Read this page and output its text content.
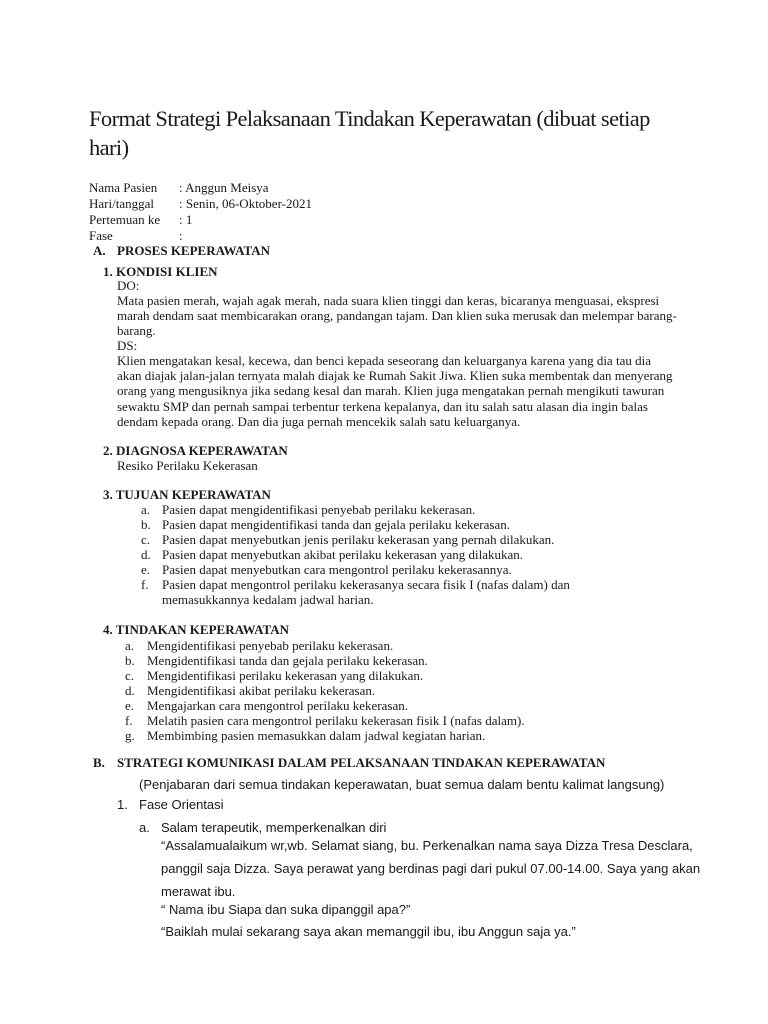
Format Strategi Pelaksanaan Tindakan Keperawatan (dibuat setiap hari)
Nama Pasien : Anggun Meisya
Hari/tanggal : Senin, 06-Oktober-2021
Pertemuan ke : 1
Fase	:
A. PROSES KEPERAWATAN
1. KONDISI KLIEN
DO:
Mata pasien merah, wajah agak merah, nada suara klien tinggi dan keras, bicaranya menguasai, ekspresi marah dendam saat membicarakan orang, pandangan tajam. Dan klien suka merusak dan melempar barang-barang.
DS:
Klien mengatakan kesal, kecewa, dan benci kepada seseorang dan keluarganya karena yang dia tau dia akan diajak jalan-jalan ternyata malah diajak ke Rumah Sakit Jiwa. Klien suka membentak dan menyerang orang yang mengusiknya jika sedang kesal dan marah. Klien juga mengatakan pernah mengikuti tawuran sewaktu SMP dan pernah sampai terbentur terkena kepalanya, dan itu salah satu alasan dia ingin balas dendam kepada orang. Dan dia juga pernah mencekik salah satu keluarganya.
2. DIAGNOSA KEPERAWATAN
Resiko Perilaku Kekerasan
3. TUJUAN KEPERAWATAN
a. Pasien dapat mengidentifikasi penyebab perilaku kekerasan.
b. Pasien dapat mengidentifikasi tanda dan gejala perilaku kekerasan.
c. Pasien dapat menyebutkan jenis perilaku kekerasan yang pernah dilakukan.
d. Pasien dapat menyebutkan akibat perilaku kekerasan yang dilakukan.
e. Pasien dapat menyebutkan cara mengontrol perilaku kekerasannya.
f. Pasien dapat mengontrol perilaku kekerasanya secara fisik I (nafas dalam) dan
memasukkannya kedalam jadwal harian.
4. TINDAKAN KEPERAWATAN
a. Mengidentifikasi penyebab perilaku kekerasan.
b. Mengidentifikasi tanda dan gejala perilaku kekerasan.
c. Mengidentifikasi perilaku kekerasan yang dilakukan.
d. Mengidentifikasi akibat perilaku kekerasan.
e. Mengajarkan cara mengontrol perilaku kekerasan.
f. Melatih pasien cara mengontrol perilaku kekerasan fisik I (nafas dalam).
g. Membimbing pasien memasukkan dalam jadwal kegiatan harian.
B. STRATEGI KOMUNIKASI DALAM PELAKSANAAN TINDAKAN KEPERAWATAN
(Penjabaran dari semua tindakan keperawatan, buat semua dalam bentu kalimat langsung)
1. Fase Orientasi
a. Salam terapeutik, memperkenalkan diri
“Assalamualaikum wr,wb. Selamat siang, bu. Perkenalkan nama saya Dizza Tresa Desclara, panggil saja Dizza. Saya perawat yang berdinas pagi dari pukul 07.00-14.00. Saya yang akan merawat ibu.
“ Nama ibu Siapa dan suka dipanggil apa?”
“Baiklah mulai sekarang saya akan memanggil ibu, ibu Anggun saja ya.”
